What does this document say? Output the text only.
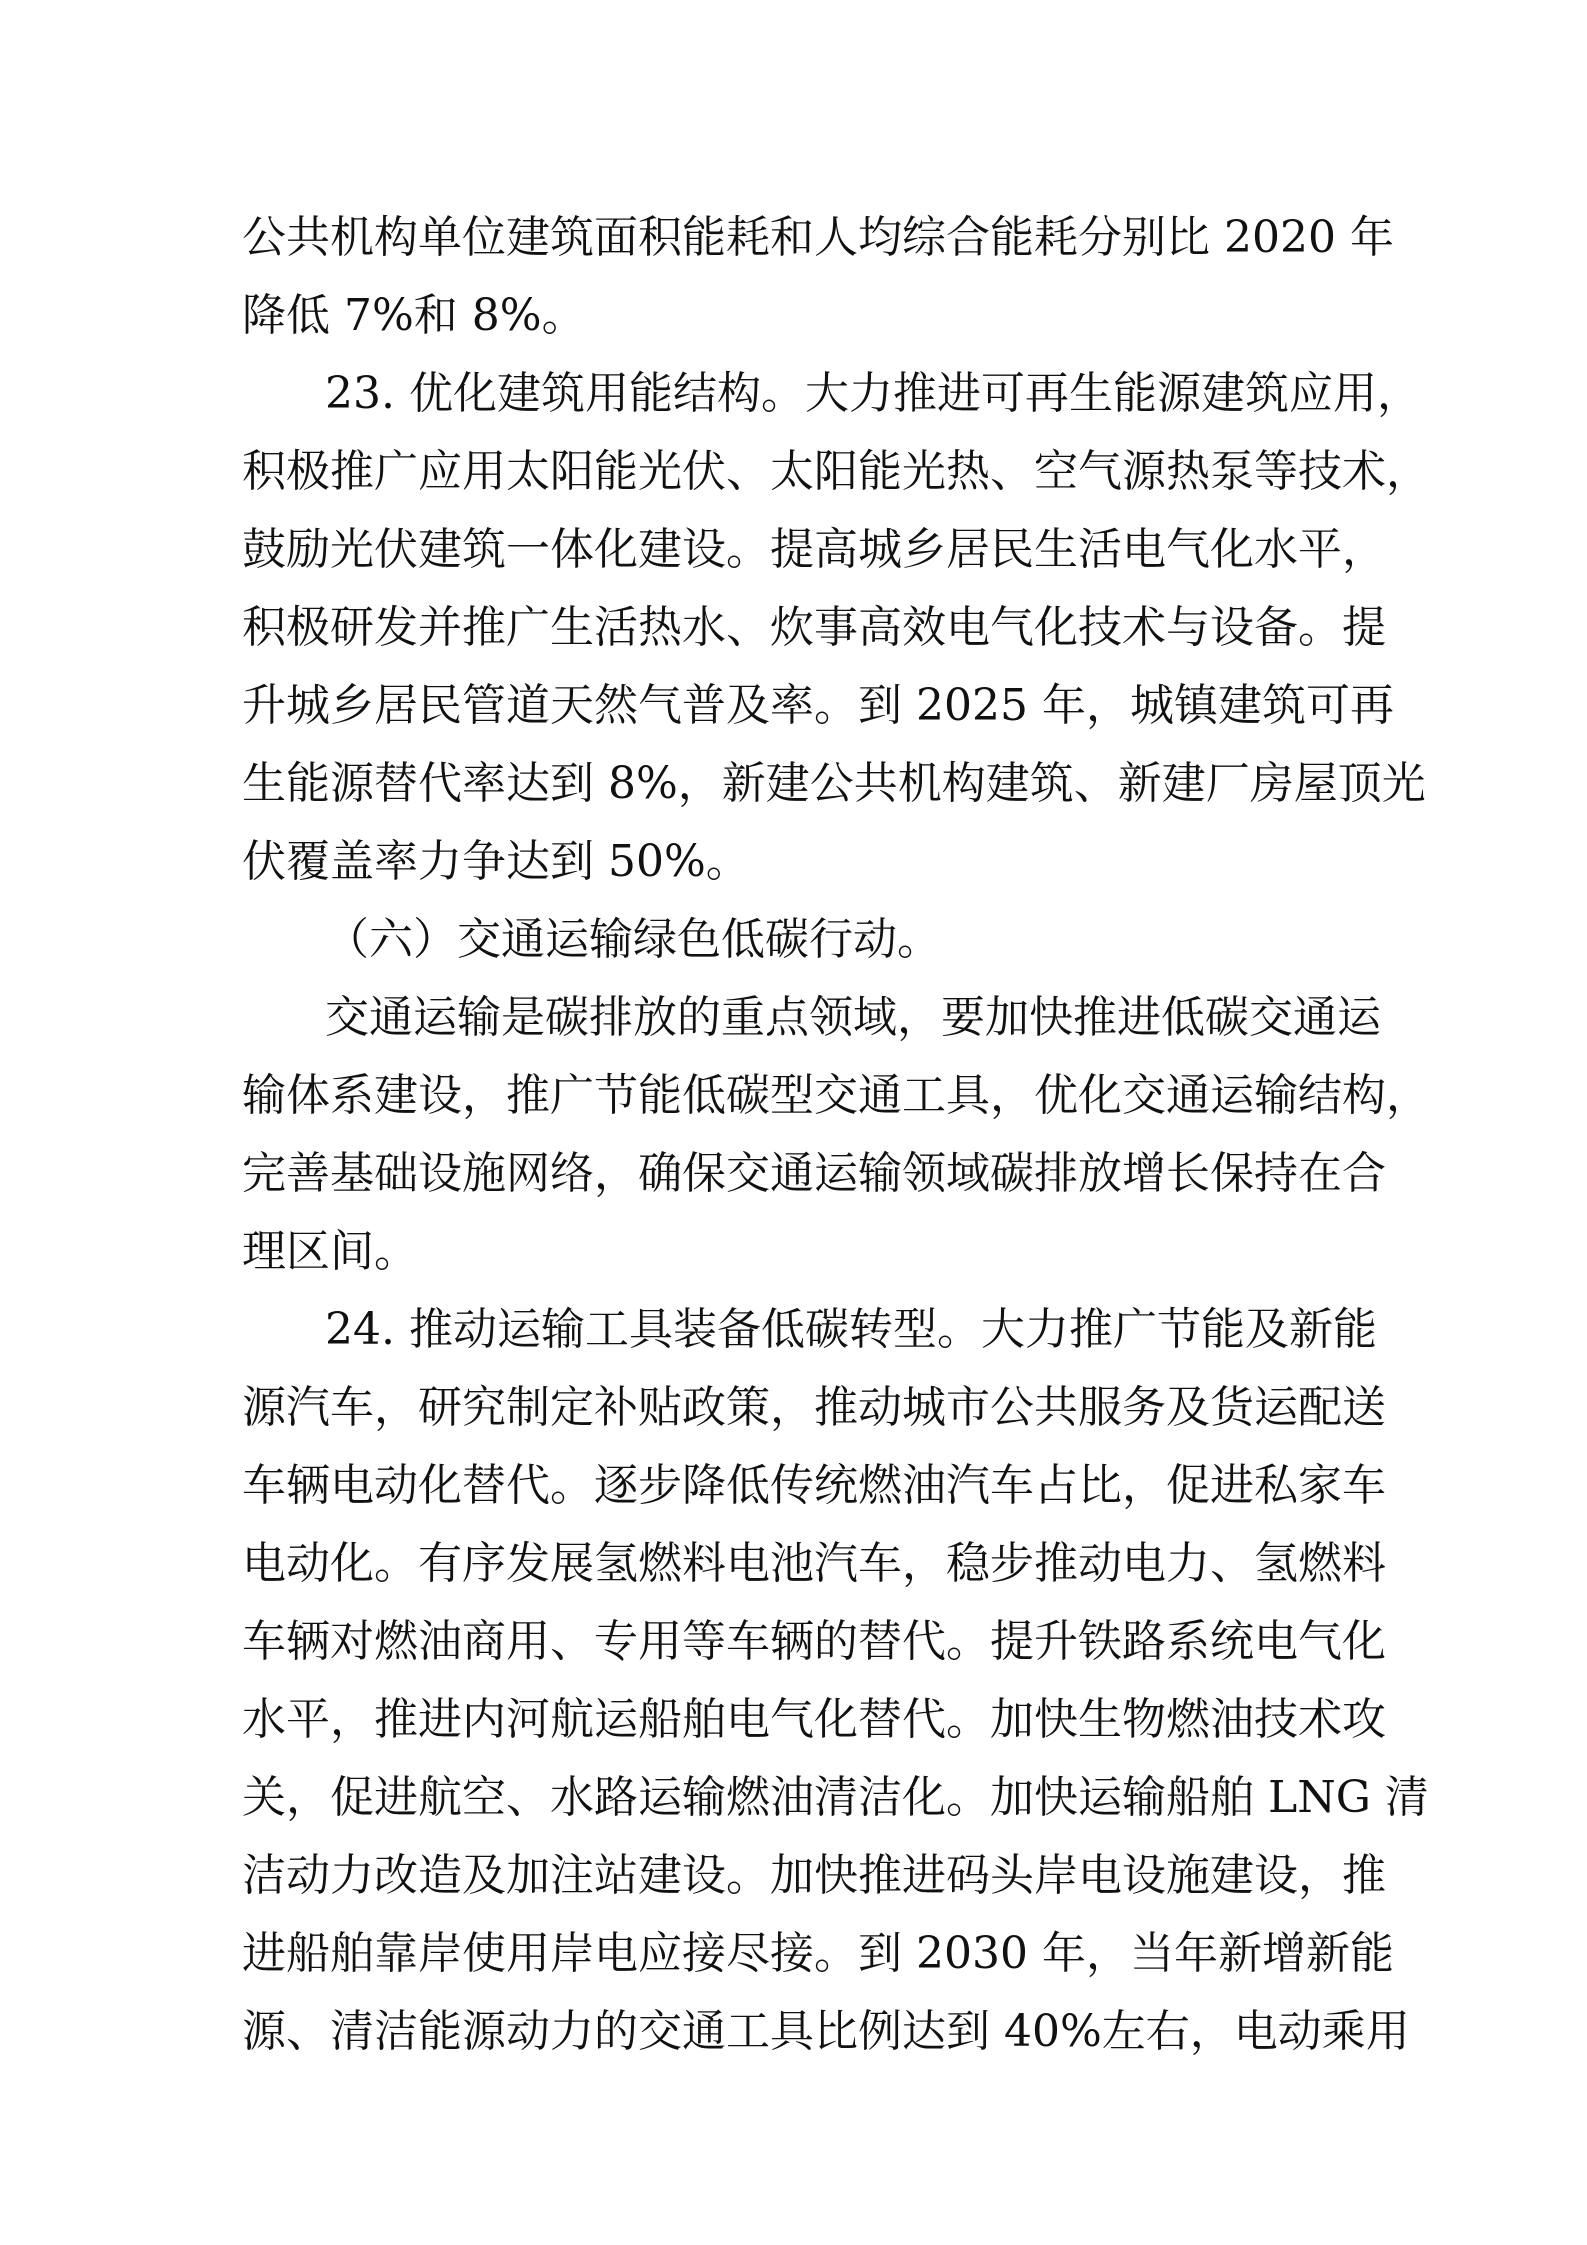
公共机构单位建筑面积能耗和人均综合能耗分别比 2020 年
降低 7%和 8%。
23. 优化建筑用能结构。大力推进可再生能源建筑应用，
积极推广应用太阳能光伏、太阳能光热、空气源热泵等技术，
鼓励光伏建筑一体化建设。提高城乡居民生活电气化水平，
积极研发并推广生活热水、炊事高效电气化技术与设备。提
升城乡居民管道天然气普及率。到 2025 年，城镇建筑可再
生能源替代率达到 8%，新建公共机构建筑、新建厂房屋顶光
伏覆盖率力争达到 50%。
（六）交通运输绿色低碳行动。
交通运输是碳排放的重点领域，要加快推进低碳交通运
输体系建设，推广节能低碳型交通工具，优化交通运输结构，
完善基础设施网络，确保交通运输领域碳排放增长保持在合
理区间。
24. 推动运输工具装备低碳转型。大力推广节能及新能
源汽车，研究制定补贴政策，推动城市公共服务及货运配送
车辆电动化替代。逐步降低传统燃油汽车占比，促进私家车
电动化。有序发展氢燃料电池汽车，稳步推动电力、氢燃料
车辆对燃油商用、专用等车辆的替代。提升铁路系统电气化
水平，推进内河航运船舶电气化替代。加快生物燃油技术攻
关，促进航空、水路运输燃油清洁化。加快运输船舶 LNG 清
洁动力改造及加注站建设。加快推进码头岸电设施建设，推
进船舶靠岸使用岸电应接尽接。到 2030 年，当年新增新能
源、清洁能源动力的交通工具比例达到 40%左右，电动乘用
